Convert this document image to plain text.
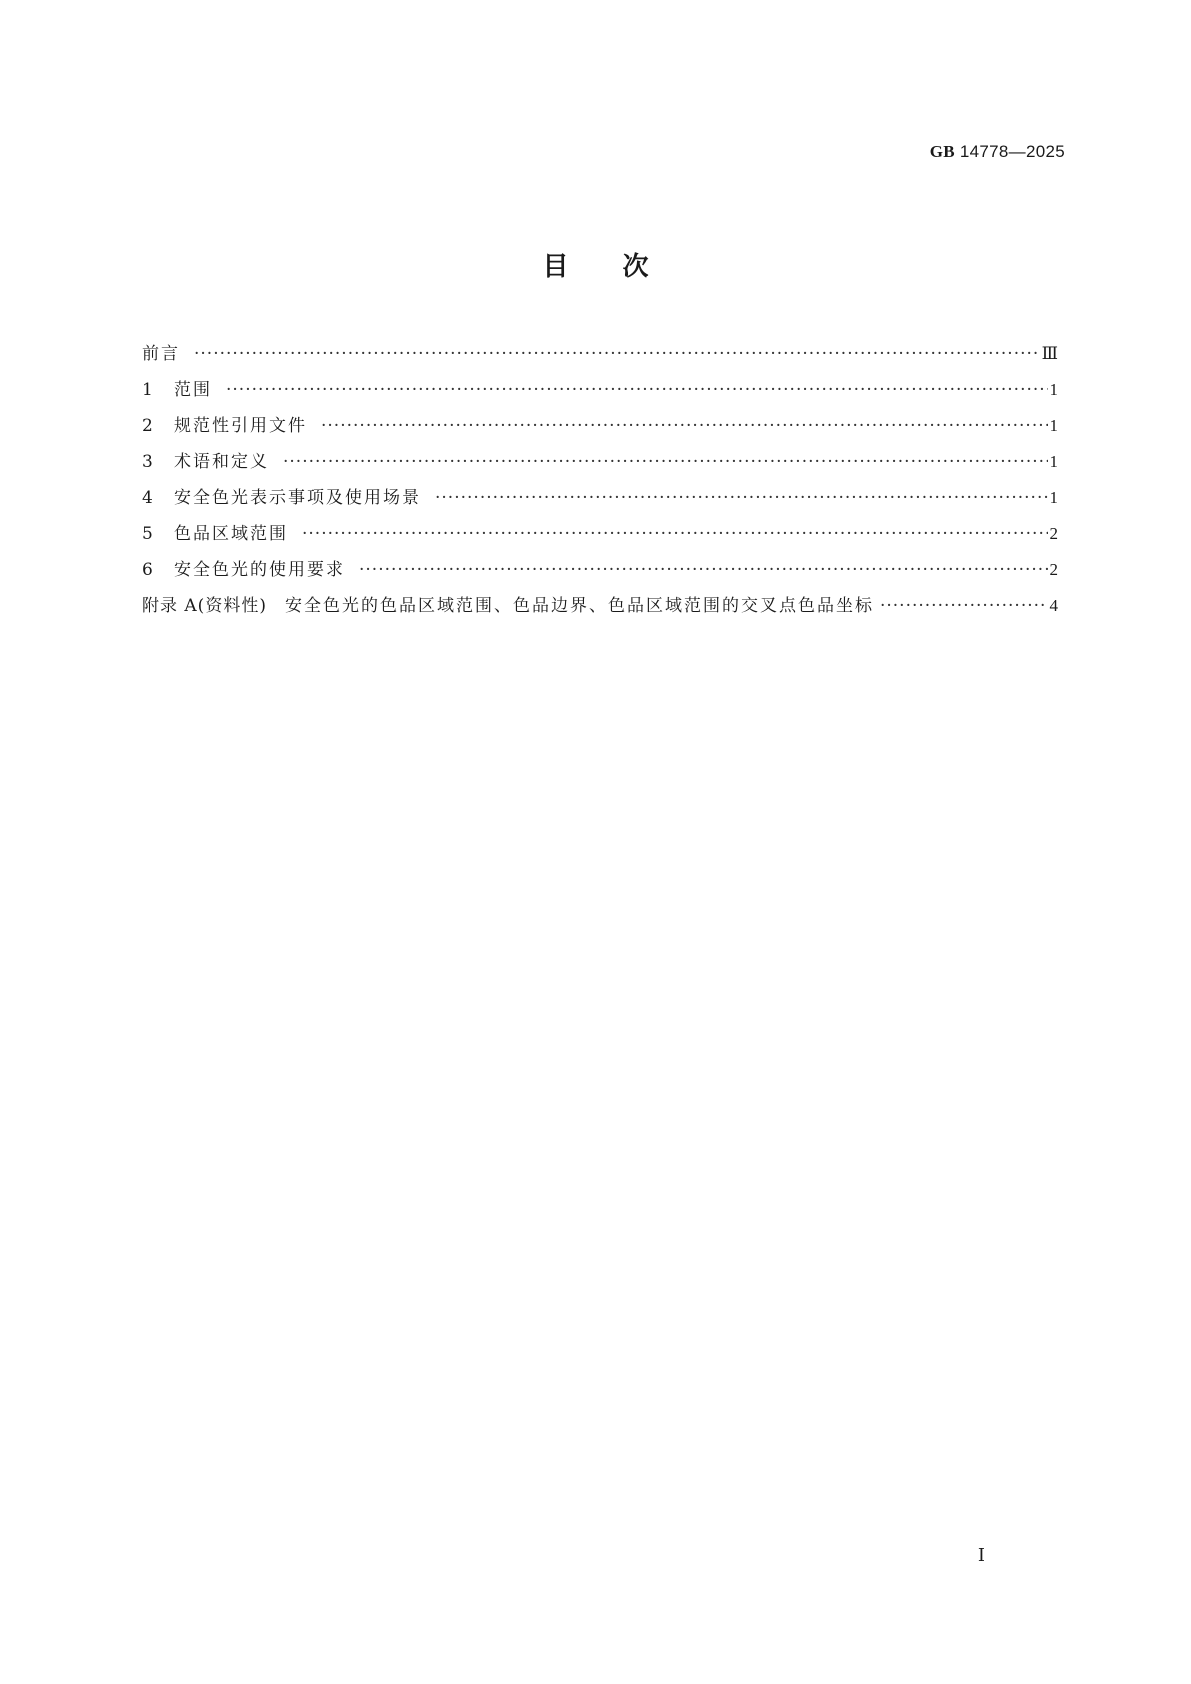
GB 14778—2025
目次
前言 ·····	Ⅲ
1	范围 ·····	1
2	规范性引用文件 ·····	1
3	术语和定义 ·····	1
4	安全色光表示事项及使用场景 ·····	1
5	色品区域范围 ·····	2
6	安全色光的使用要求 ·····	2
附录 A(资料性)	安全色光的色品区域范围、色品边界、色品区域范围的交叉点色品坐标 ·····	4
Ⅰ
